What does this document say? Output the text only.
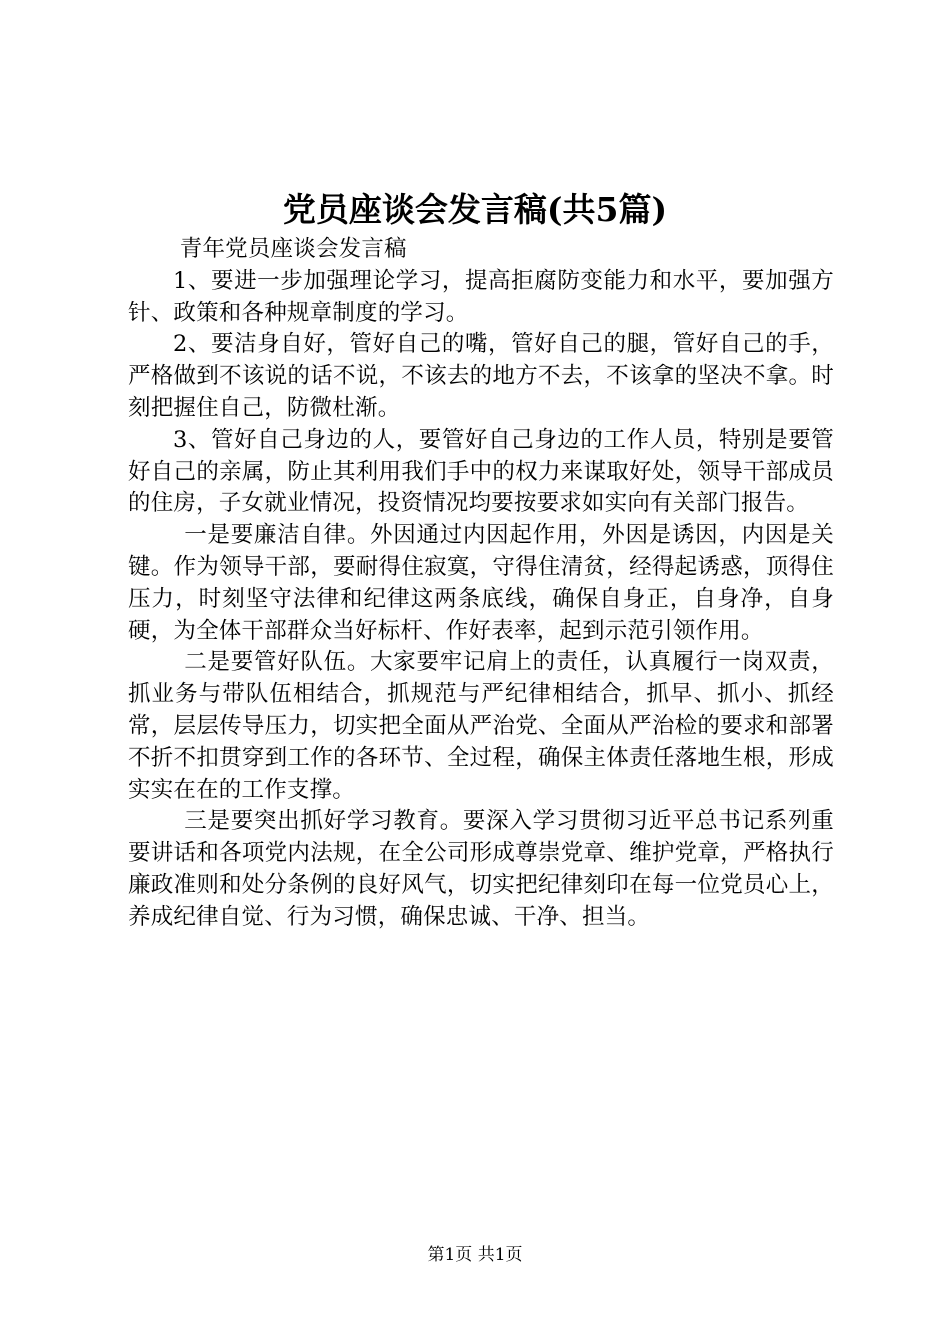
党员座谈会发言稿(共5篇)

青年党员座谈会发言稿

1、要进一步加强理论学习，提高拒腐防变能力和水平，要加强方针、政策和各种规章制度的学习。

2、要洁身自好，管好自己的嘴，管好自己的腿，管好自己的手，严格做到不该说的话不说，不该去的地方不去，不该拿的坚决不拿。时刻把握住自己，防微杜渐。

3、管好自己身边的人，要管好自己身边的工作人员，特别是要管好自己的亲属，防止其利用我们手中的权力来谋取好处，领导干部成员的住房，子女就业情况，投资情况均要按要求如实向有关部门报告。

一是要廉洁自律。外因通过内因起作用，外因是诱因，内因是关键。作为领导干部，要耐得住寂寞，守得住清贫，经得起诱惑，顶得住压力，时刻坚守法律和纪律这两条底线，确保自身正，自身净，自身硬，为全体干部群众当好标杆、作好表率，起到示范引领作用。

二是要管好队伍。大家要牢记肩上的责任，认真履行一岗双责，抓业务与带队伍相结合，抓规范与严纪律相结合，抓早、抓小、抓经常，层层传导压力，切实把全面从严治党、全面从严治检的要求和部署不折不扣贯穿到工作的各环节、全过程，确保主体责任落地生根，形成实实在在的工作支撑。

三是要突出抓好学习教育。要深入学习贯彻习近平总书记系列重要讲话和各项党内法规，在全公司形成尊崇党章、维护党章，严格执行廉政准则和处分条例的良好风气，切实把纪律刻印在每一位党员心上，养成纪律自觉、行为习惯，确保忠诚、干净、担当。

第1页 共1页
